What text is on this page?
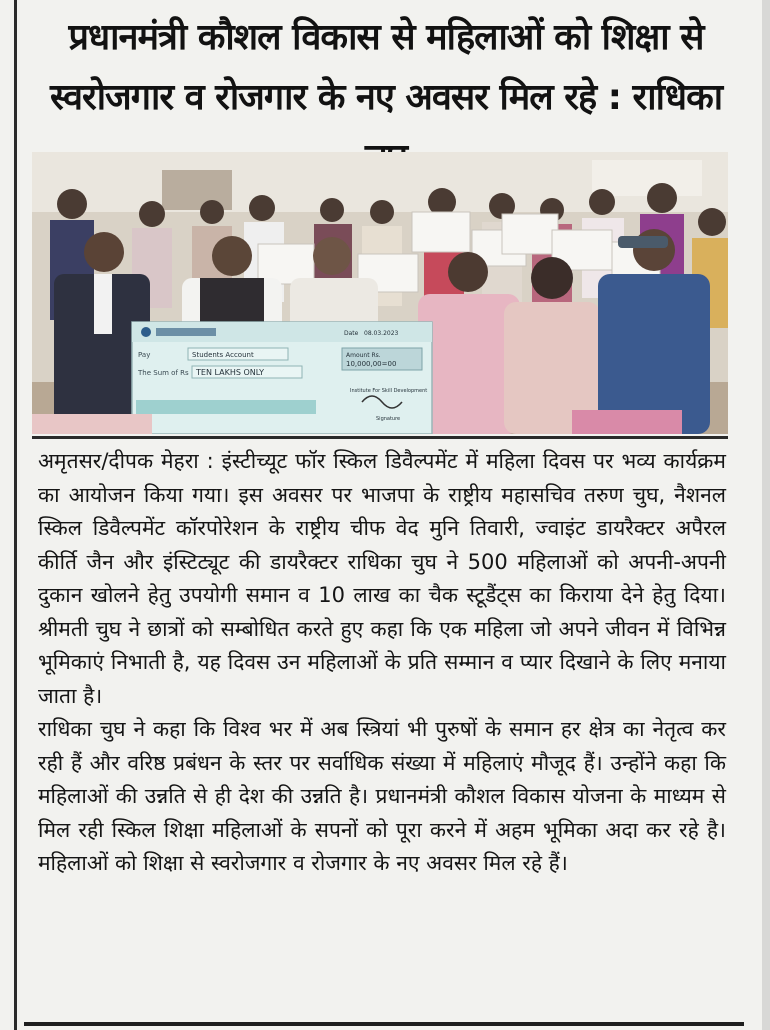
प्रधानमंत्री कौशल विकास से महिलाओं को शिक्षा से
स्वरोजगार व रोजगार के नए अवसर मिल रहे : राधिका
Pay	Students Account
The Sum of Rs TEN LAKHS ONLY
Amount Rs.
10,000,00=00
Date 08.03.2023
Institute For Skill Development
Signature

अमृतसर/दीपक मेहरा : इंस्टीच्यूट फॉर स्किल डिवैल्पमेंट में महिला दिवस पर भव्य कार्यक्रम का आयोजन किया गया। इस अवसर पर भाजपा के राष्ट्रीय महासचिव तरुण चुघ, नैशनल स्किल डिवैल्पमेंट कॉरपोरेशन के राष्ट्रीय चीफ वेद मुनि तिवारी, ज्वाइंट डायरैक्टर अपैरल कीर्ति जैन और इंस्टिट्यूट की डायरैक्टर राधिका चुघ ने 500 महिलाओं को अपनी-अपनी दुकान खोलने हेतु उपयोगी समान व 10 लाख का चैक स्टूडैंट्स का किराया देने हेतु दिया। श्रीमती चुघ ने छात्रों को सम्बोधित करते हुए कहा कि एक महिला जो अपने जीवन में विभिन्न भूमिकाएं निभाती है, यह दिवस उन महिलाओं के प्रति सम्मान व प्यार दिखाने के लिए मनाया जाता है।

राधिका चुघ ने कहा कि विश्व भर में अब स्त्रियां भी पुरुषों के समान हर क्षेत्र का नेतृत्व कर रही हैं और वरिष्ठ प्रबंधन के स्तर पर सर्वाधिक संख्या में महिलाएं मौजूद हैं। उन्होंने कहा कि महिलाओं की उन्नति से ही देश की उन्नति है। प्रधानमंत्री कौशल विकास योजना के माध्यम से मिल रही स्किल शिक्षा महिलाओं के सपनों को पूरा करने में अहम भूमिका अदा कर रहे है। महिलाओं को शिक्षा से स्वरोजगार व रोजगार के नए अवसर मिल रहे हैं।
